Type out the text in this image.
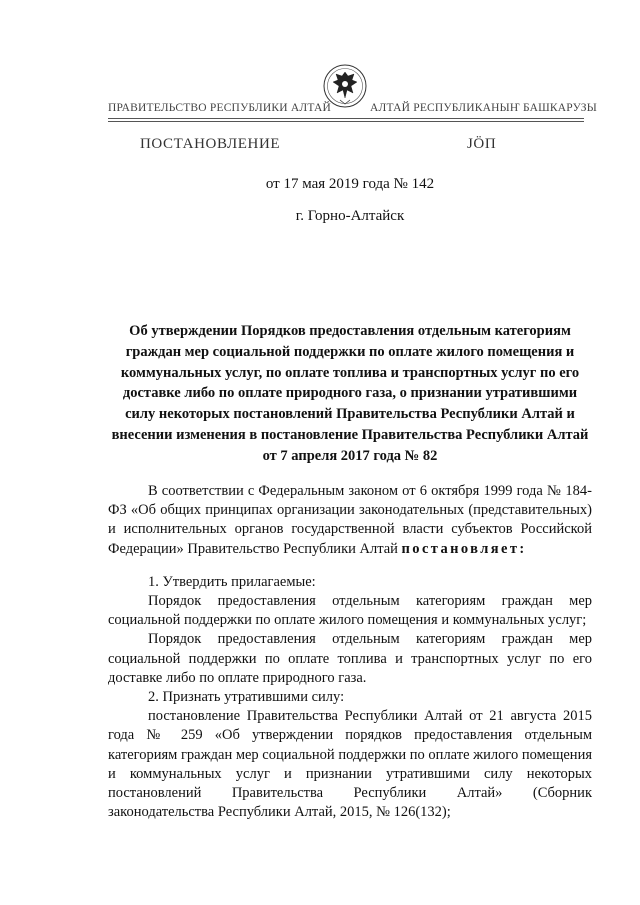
ПРАВИТЕЛЬСТВО РЕСПУБЛИКИ АЛТАЙ	АЛТАЙ РЕСПУБЛИКАНЫҤ БАШКАРУЗЫ
ПОСТАНОВЛЕНИЕ	JӦП
от 17 мая 2019 года № 142
г. Горно-Алтайск
Об утверждении Порядков предоставления отдельным категориям граждан мер социальной поддержки по оплате жилого помещения и коммунальных услуг, по оплате топлива и транспортных услуг по его доставке либо по оплате природного газа, о признании утратившими силу некоторых постановлений Правительства Республики Алтай и внесении изменения в постановление Правительства Республики Алтай от 7 апреля 2017 года № 82

В соответствии с Федеральным законом от 6 октября 1999 года № 184-ФЗ «Об общих принципах организации законодательных (представительных) и исполнительных органов государственной власти субъектов Российской Федерации» Правительство Республики Алтай постановляет:

1. Утвердить прилагаемые:

Порядок предоставления отдельным категориям граждан мер социальной поддержки по оплате жилого помещения и коммунальных услуг;

Порядок предоставления отдельным категориям граждан мер социальной поддержки по оплате топлива и транспортных услуг по его доставке либо по оплате природного газа.

2. Признать утратившими силу:

постановление Правительства Республики Алтай от 21 августа 2015 года № 259 «Об утверждении порядков предоставления отдельным категориям граждан мер социальной поддержки по оплате жилого помещения и коммунальных услуг и признании утратившими силу некоторых постановлений Правительства Республики Алтай» (Сборник законодательства Республики Алтай, 2015, № 126(132);
